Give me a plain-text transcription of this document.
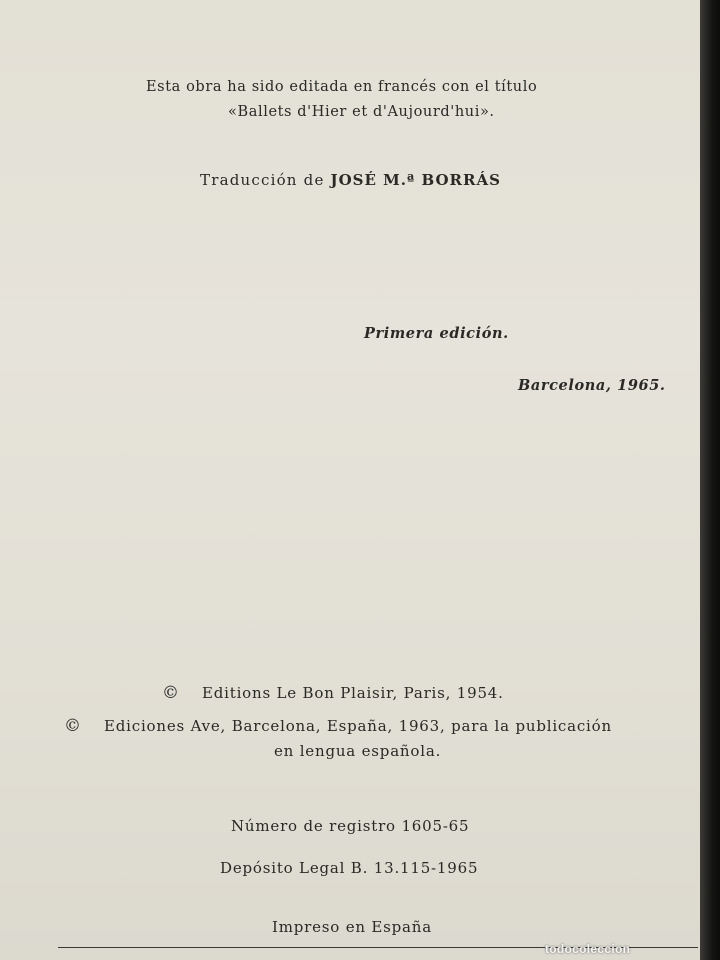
Esta obra ha sido editada en francés con el título
«Ballets d'Hier et d'Aujourd'hui».
Traducción de JOSÉ M.ª BORRÁS
Primera edición.
Barcelona, 1965.
© Editions Le Bon Plaisir, Paris, 1954.
© Ediciones Ave, Barcelona, España, 1963, para la publicación
en lengua española.
Número de registro 1605-65
Depósito Legal B. 13.115-1965
Impreso en España
todocoleccion
